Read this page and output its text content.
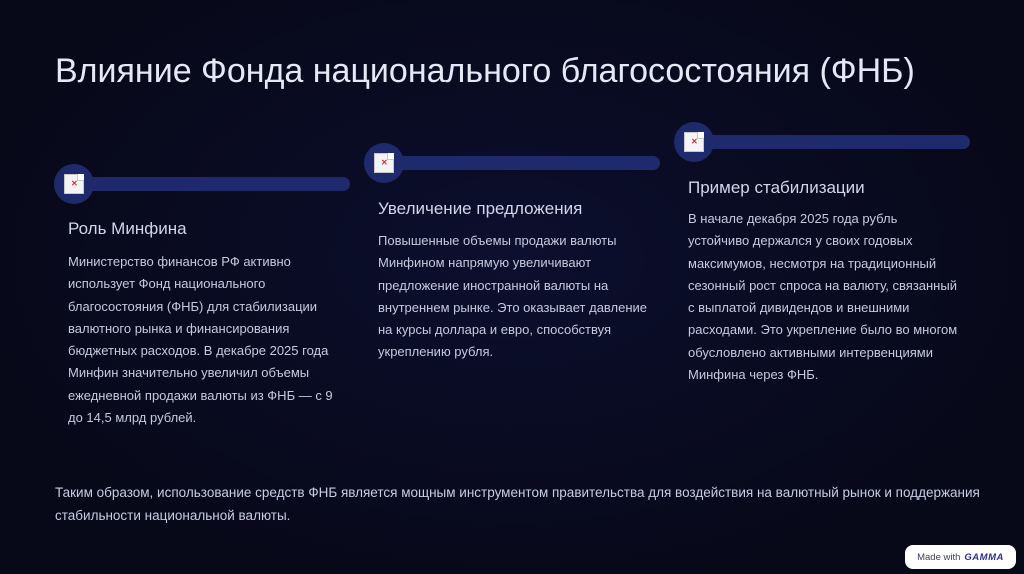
Влияние Фонда национального благосостояния (ФНБ)
✕
Роль Минфина

Министерство финансов РФ активно использует Фонд национального благосостояния (ФНБ) для стабилизации валютного рынка и финансирования бюджетных расходов. В декабре 2025 года Минфин значительно увеличил объемы ежедневной продажи валюты из ФНБ — с 9 до 14,5 млрд рублей.

✕
Увеличение предложения

Повышенные объемы продажи валюты Минфином напрямую увеличивают предложение иностранной валюты на внутреннем рынке. Это оказывает давление на курсы доллара и евро, способствуя укреплению рубля.

✕
Пример стабилизации

В начале декабря 2025 года рубль устойчиво держался у своих годовых максимумов, несмотря на традиционный сезонный рост спроса на валюту, связанный с выплатой дивидендов и внешними расходами. Это укрепление было во многом обусловлено активными интервенциями Минфина через ФНБ.

Таким образом, использование средств ФНБ является мощным инструментом правительства для воздействия на валютный рынок и поддержания стабильности национальной валюты.

Made with GAMMA
